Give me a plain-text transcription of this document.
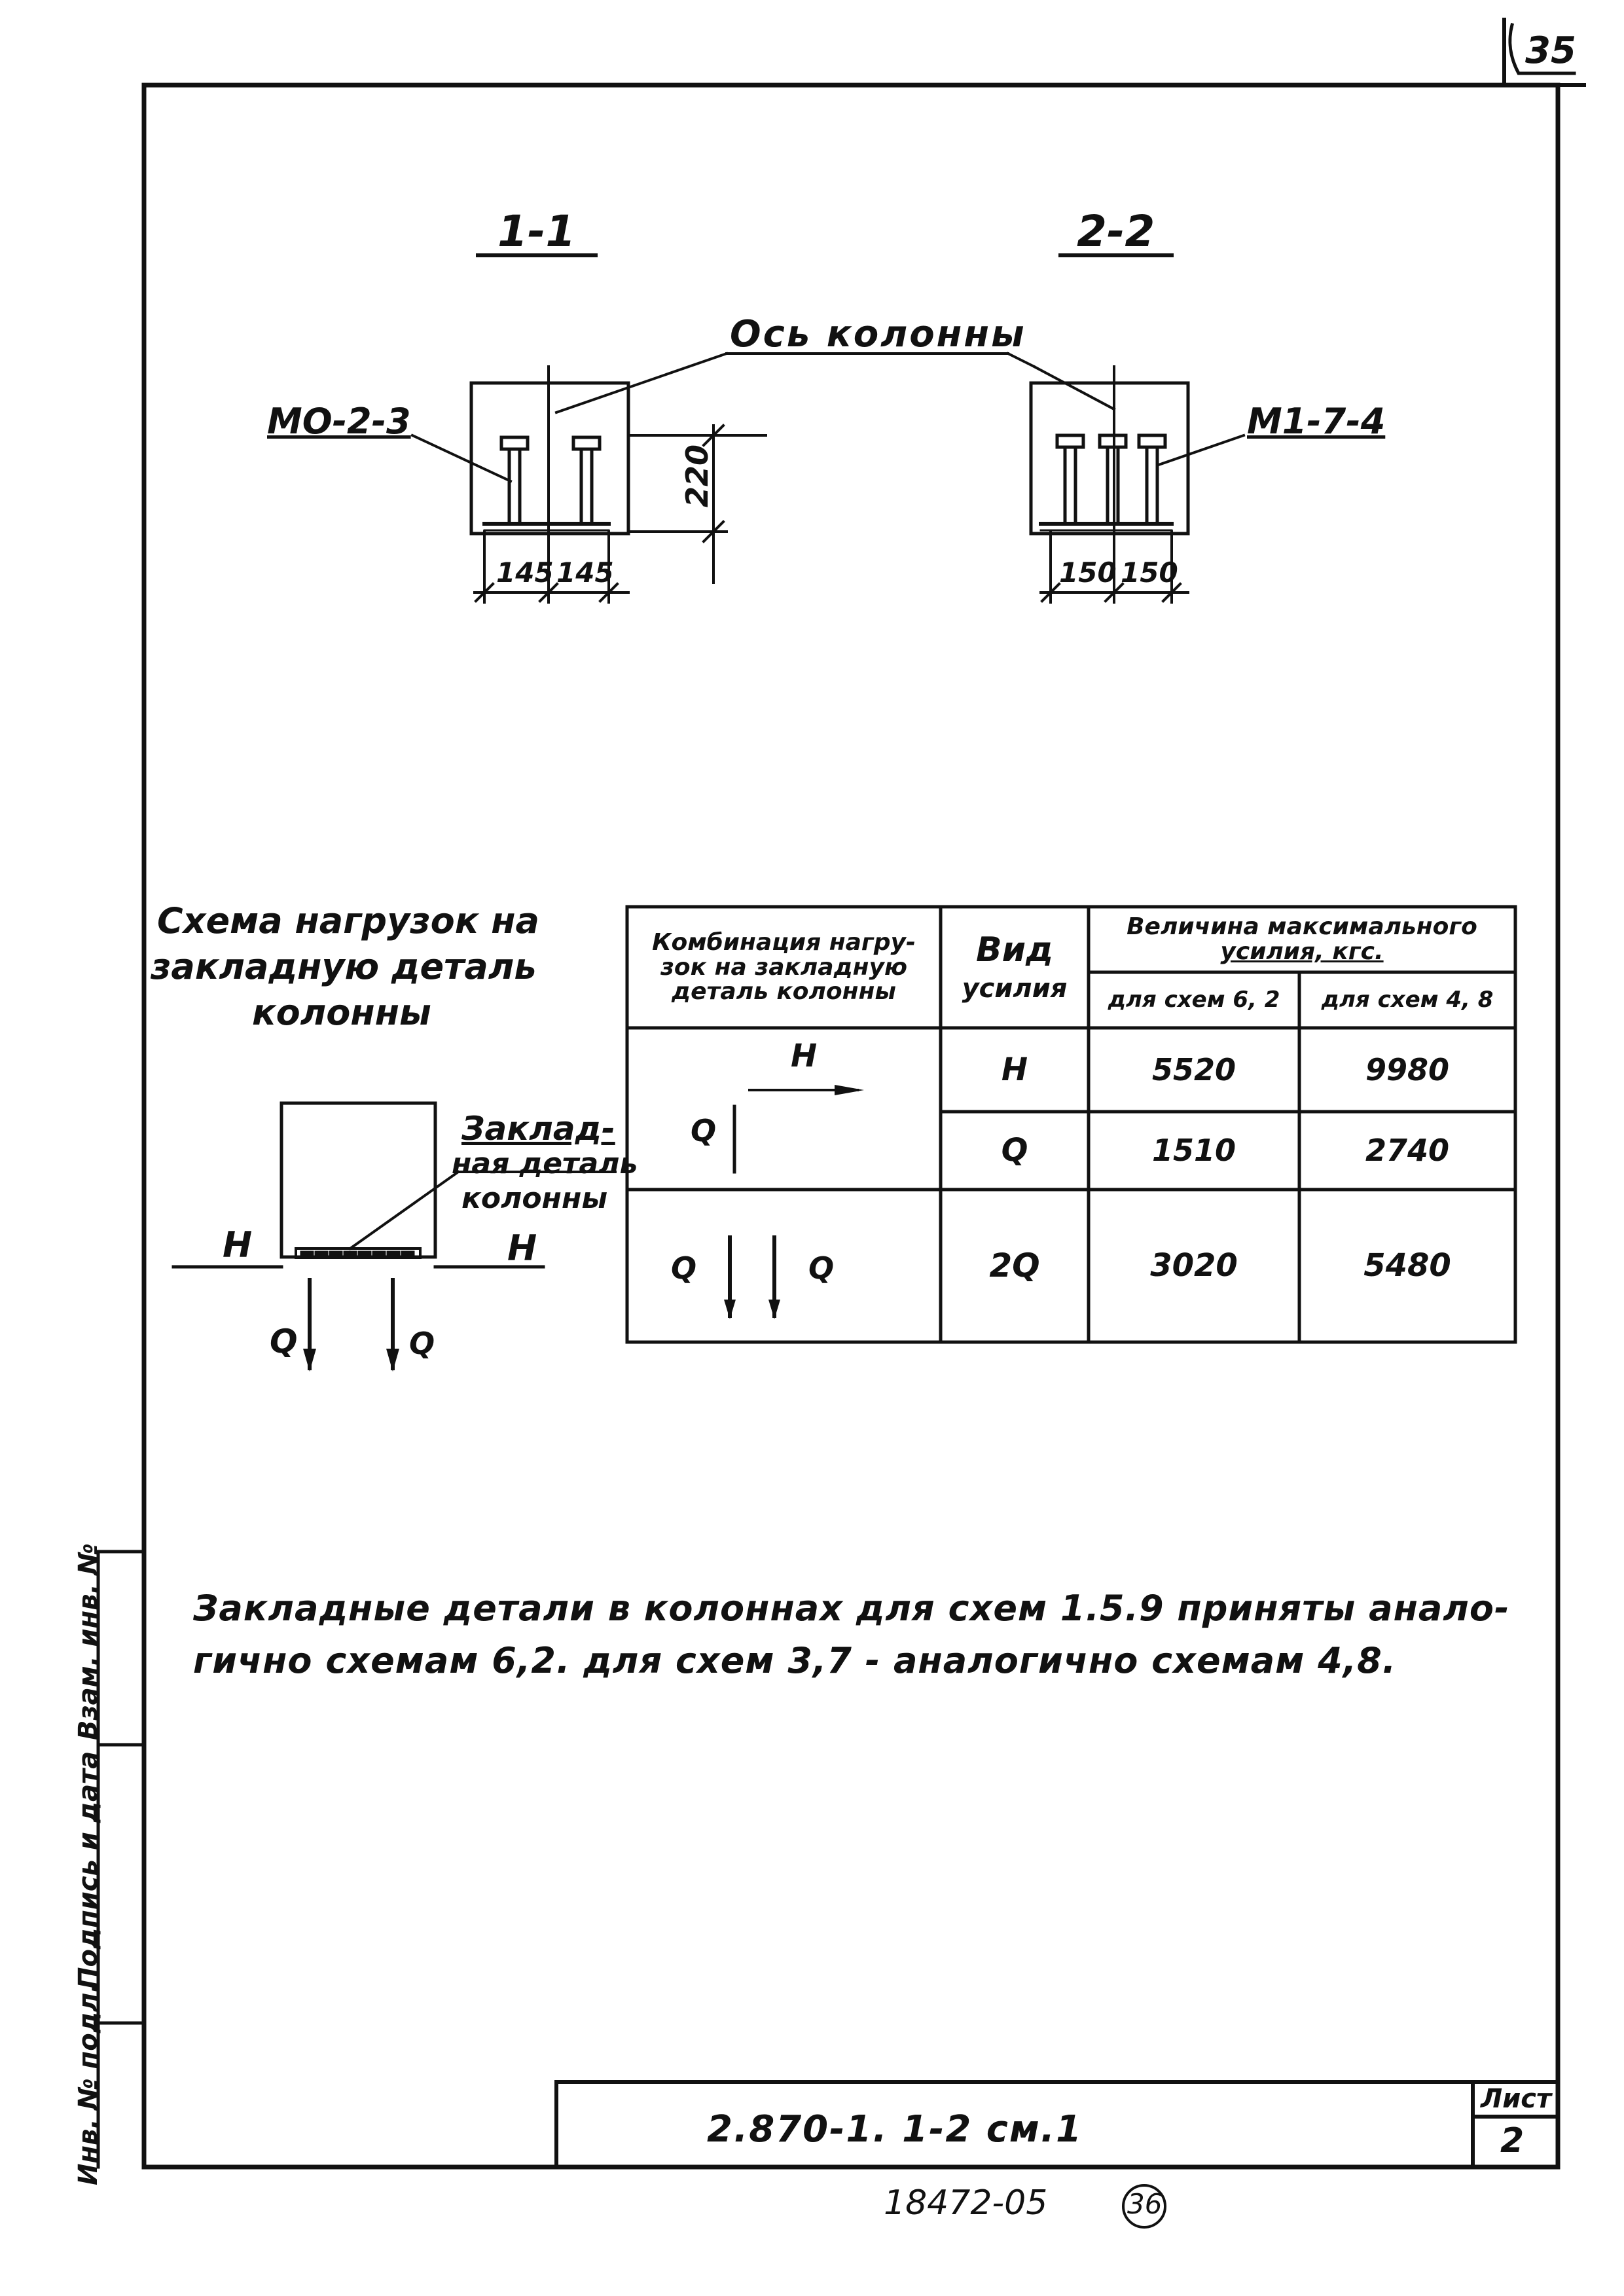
35
1-1	2-2
Ось колонны
МО-2-3	М1-7-4
220
145 145	150 150
Схема нагрузок на
закладную деталь
колонны
Заклад-
ная деталь
колонны
H	H
Q	Q
Комбинация нагру-
зок на закладную
деталь колонны
Вид
усилия
Величина максимального
усилия, кгс.
для схем 6, 2	для схем 4, 8
H
Q
Q	Q
H	5520	9980
Q	1510	2740
2Q	3020	5480
Закладные детали в колоннах для схем 1.5.9 приняты анало-
гично схемам 6,2. для схем 3,7 - аналогично схемам 4,8.
Инв. № подл.
Подпись и дата
Взам. инв. №
2.870-1. 1-2 см.1
Лист
2
18472-05	36
